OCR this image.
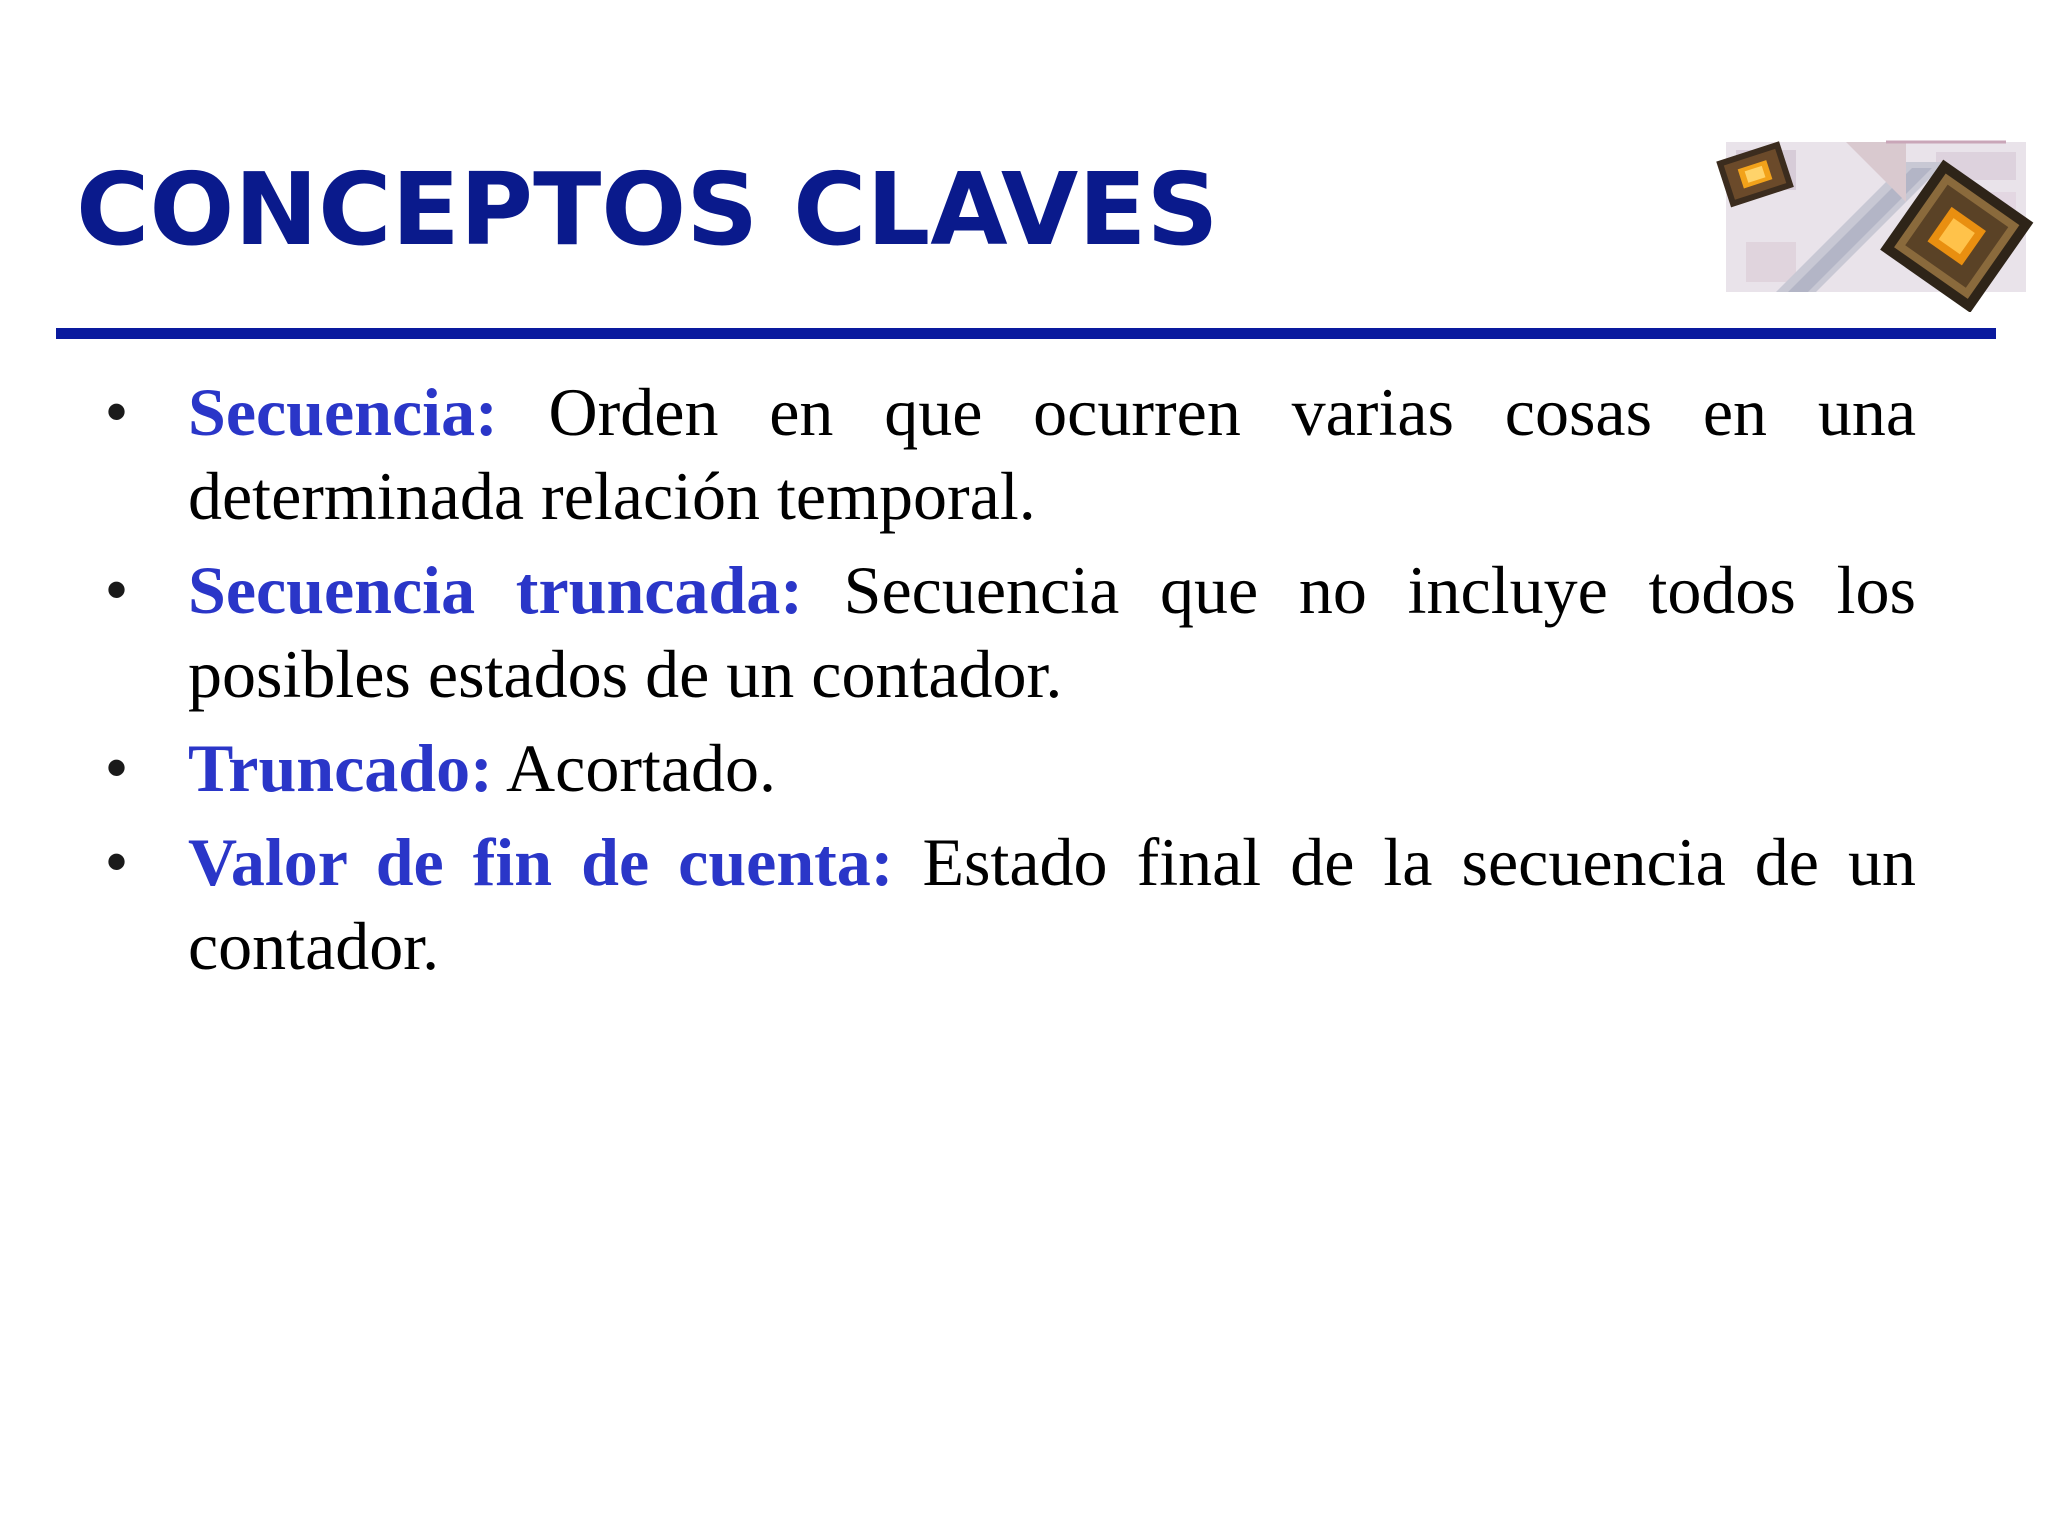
CONCEPTOS CLAVES
• Secuencia: Orden en que ocurren varias cosas en una determinada relación temporal.
• Secuencia truncada: Secuencia que no incluye todos los posibles estados de un contador.
• Truncado: Acortado.
• Valor de fin de cuenta: Estado final de la secuencia de un contador.
